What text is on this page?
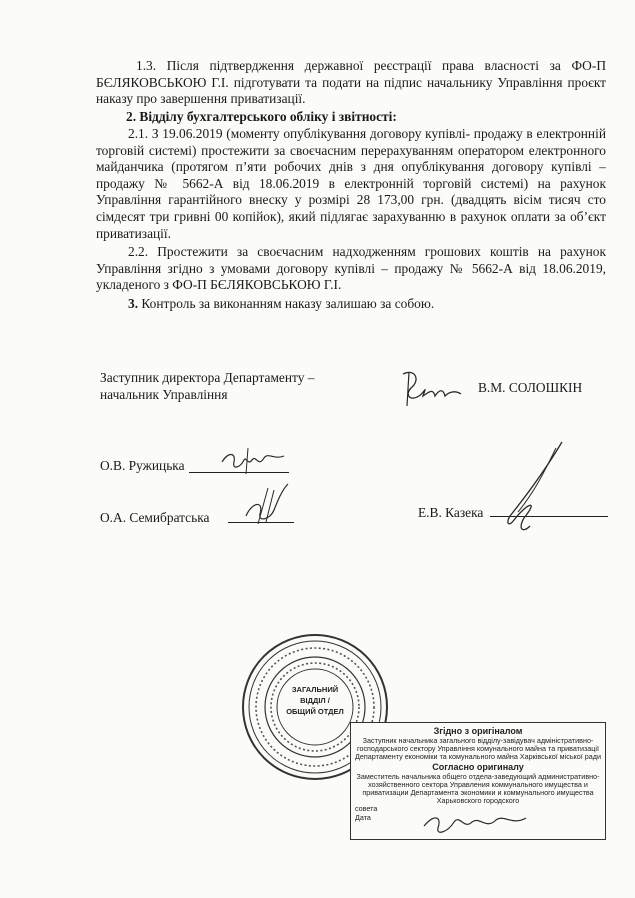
1.3. Після підтвердження державної реєстрації права власності за ФО-П БЄЛЯКОВСЬКОЮ Г.І. підготувати та подати на підпис начальнику Управління проєкт наказу про завершення приватизації.
2. Відділу бухгалтерського обліку і звітності:
2.1. З 19.06.2019 (моменту опублікування договору купівлі- продажу в електронній торговій системі) простежити за своєчасним перерахуванням оператором електронного майданчика (протягом п’яти робочих днів з дня опублікування договору купівлі – продажу № 5662-А від 18.06.2019 в електронній торговій системі) на рахунок Управління гарантійного внеску у розмірі 28 173,00 грн. (двадцять вісім тисяч сто сімдесят три гривні 00 копійок), який підлягає зарахуванню в рахунок оплати за об’єкт приватизації.
2.2. Простежити за своєчасним надходженням грошових коштів на рахунок Управління згідно з умовами договору купівлі – продажу № 5662-А від 18.06.2019, укладеного з ФО-П БЄЛЯКОВСЬКОЮ Г.І.
3. Контроль за виконанням наказу залишаю за собою.
Заступник директора Департаменту –
начальник Управління	В.М. СОЛОШКІН
О.В. Ружицька
О.А. Семибратська	Е.В. Казека
ЗАГАЛЬНИЙ
ВІДДІЛ /
ОБЩИЙ ОТДЕЛ
Згідно з оригіналом
Заступник начальника загального відділу-завідувач адміністративно-господарського сектору Управління комунального майна та приватизації Департаменту економіки та комунального майна Харківської міської ради
Согласно оригиналу
Заместитель начальника общего отдела-заведующий административно-хозяйственного сектора Управления коммунального имущества и приватизации Департамента экономики и коммунального имущества Харьковского городского
совета
Дата
